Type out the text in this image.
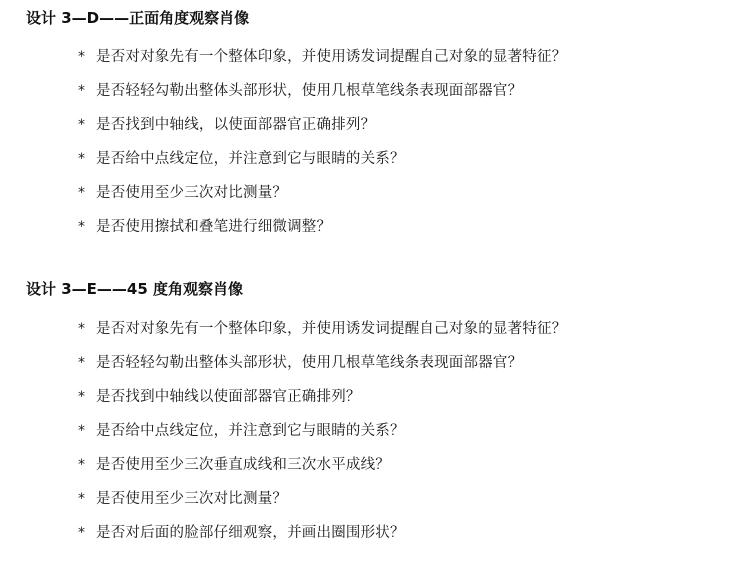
设计 3—D——正面角度观察肖像
* 是否对对象先有一个整体印象，并使用诱发词提醒自己对象的显著特征？
* 是否轻轻勾勒出整体头部形状，使用几根草笔线条表现面部器官？
* 是否找到中轴线，以使面部器官正确排列？
* 是否给中点线定位，并注意到它与眼睛的关系？
* 是否使用至少三次对比测量？
* 是否使用擦拭和叠笔进行细微调整？
设计 3—E——45 度角观察肖像
* 是否对对象先有一个整体印象，并使用诱发词提醒自己对象的显著特征？
* 是否轻轻勾勒出整体头部形状，使用几根草笔线条表现面部器官？
* 是否找到中轴线以使面部器官正确排列？
* 是否给中点线定位，并注意到它与眼睛的关系？
* 是否使用至少三次垂直成线和三次水平成线？
* 是否使用至少三次对比测量？
* 是否对后面的脸部仔细观察，并画出圈围形状？
